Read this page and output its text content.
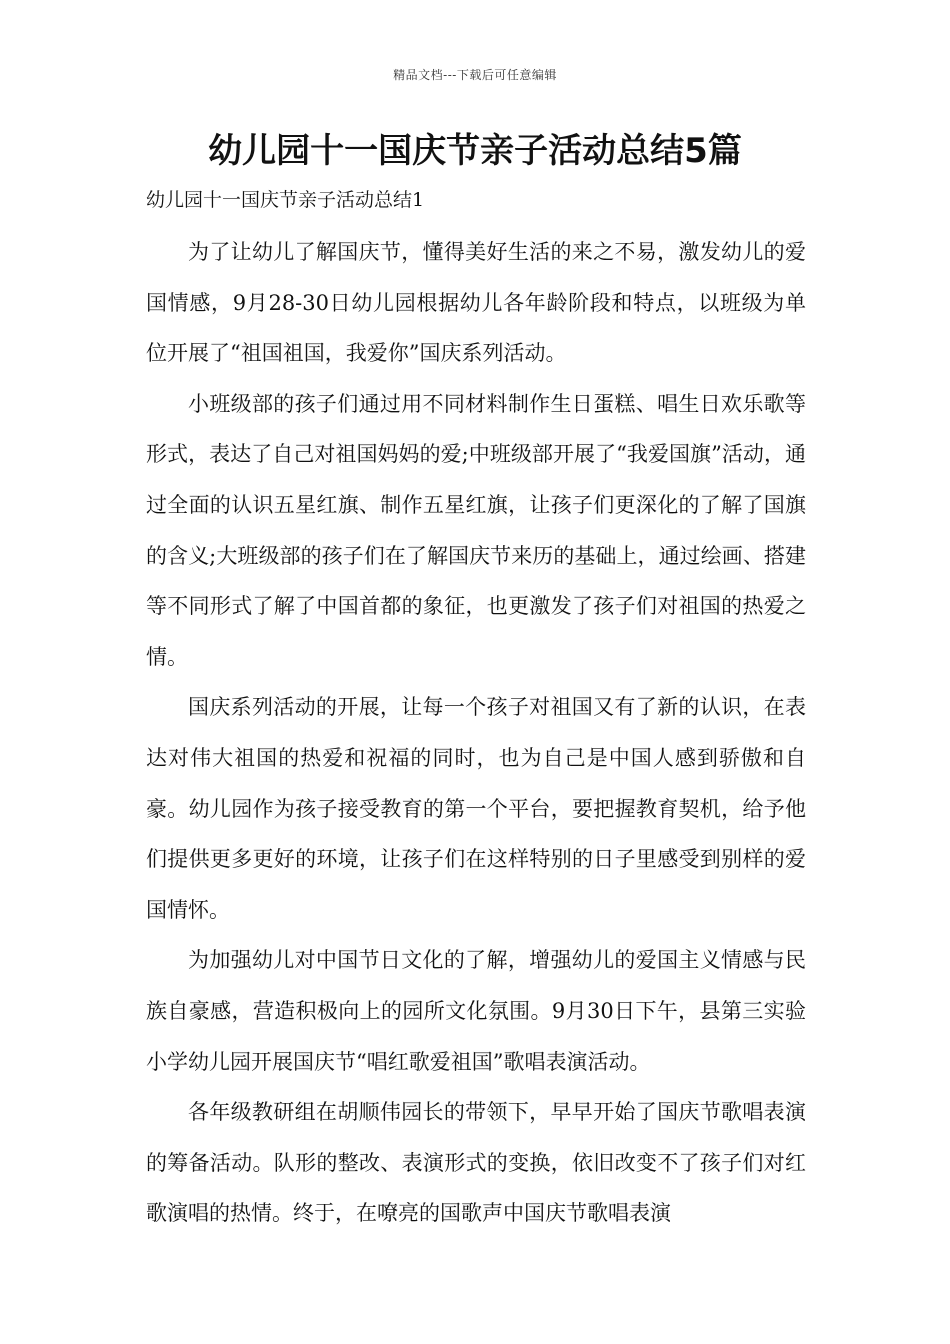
精品文档---下载后可任意编辑
幼儿园十一国庆节亲子活动总结5篇
幼儿园十一国庆节亲子活动总结1

为了让幼儿了解国庆节，懂得美好生活的来之不易，激发幼儿的爱国情感，9月28-30日幼儿园根据幼儿各年龄阶段和特点，以班级为单位开展了“祖国祖国，我爱你”国庆系列活动。

小班级部的孩子们通过用不同材料制作生日蛋糕、唱生日欢乐歌等形式，表达了自己对祖国妈妈的爱;中班级部开展了“我爱国旗”活动，通过全面的认识五星红旗、制作五星红旗，让孩子们更深化的了解了国旗的含义;大班级部的孩子们在了解国庆节来历的基础上，通过绘画、搭建等不同形式了解了中国首都的象征，也更激发了孩子们对祖国的热爱之情。

国庆系列活动的开展，让每一个孩子对祖国又有了新的认识，在表达对伟大祖国的热爱和祝福的同时，也为自己是中国人感到骄傲和自豪。幼儿园作为孩子接受教育的第一个平台，要把握教育契机，给予他们提供更多更好的环境，让孩子们在这样特别的日子里感受到别样的爱国情怀。

为加强幼儿对中国节日文化的了解，增强幼儿的爱国主义情感与民族自豪感，营造积极向上的园所文化氛围。9月30日下午，县第三实验小学幼儿园开展国庆节“唱红歌爱祖国”歌唱表演活动。

各年级教研组在胡顺伟园长的带领下，早早开始了国庆节歌唱表演的筹备活动。队形的整改、表演形式的变换，依旧改变不了孩子们对红歌演唱的热情。终于，在嘹亮的国歌声中国庆节歌唱表演
